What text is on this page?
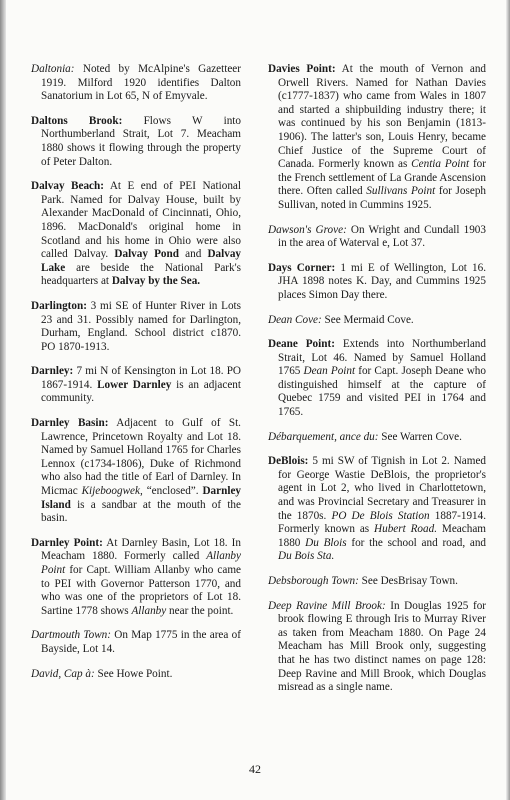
Daltonia: Noted by McAlpine's Gazetteer 1919. Milford 1920 identifies Dalton Sanatorium in Lot 65, N of Emyvale.

Daltons Brook: Flows W into Northumberland Strait, Lot 7. Meacham 1880 shows it flowing through the property of Peter Dalton.

Dalvay Beach: At E end of PEI National Park. Named for Dalvay House, built by Alexander MacDonald of Cincinnati, Ohio, 1896. MacDonald's original home in Scotland and his home in Ohio were also called Dalvay. Dalvay Pond and Dalvay Lake are beside the National Park's headquarters at Dalvay by the Sea.

Darlington: 3 mi SE of Hunter River in Lots 23 and 31. Possibly named for Darlington, Durham, England. School district c1870. PO 1870-1913.

Darnley: 7 mi N of Kensington in Lot 18. PO 1867-1914. Lower Darnley is an adjacent community.

Darnley Basin: Adjacent to Gulf of St. Lawrence, Princetown Royalty and Lot 18. Named by Samuel Holland 1765 for Charles Lennox (c1734-1806), Duke of Richmond who also had the title of Earl of Darnley. In Micmac Kijeboogwek, “enclosed”. Darnley Island is a sandbar at the mouth of the basin.

Darnley Point: At Darnley Basin, Lot 18. In Meacham 1880. Formerly called Allanby Point for Capt. William Allanby who came to PEI with Governor Patterson 1770, and who was one of the proprietors of Lot 18. Sartine 1778 shows Allanby near the point.

Dartmouth Town: On Map 1775 in the area of Bayside, Lot 14.

David, Cap à: See Howe Point.

Davies Point: At the mouth of Vernon and Orwell Rivers. Named for Nathan Davies (c1777-1837) who came from Wales in 1807 and started a shipbuilding industry there; it was continued by his son Benjamin (1813-1906). The latter's son, Louis Henry, became Chief Justice of the Supreme Court of Canada. Formerly known as Centia Point for the French settlement of La Grande Ascension there. Often called Sullivans Point for Joseph Sullivan, noted in Cummins 1925.

Dawson's Grove: On Wright and Cundall 1903 in the area of Waterval e, Lot 37.

Days Corner: 1 mi E of Wellington, Lot 16. JHA 1898 notes K. Day, and Cummins 1925 places Simon Day there.

Dean Cove: See Mermaid Cove.

Deane Point: Extends into Northumberland Strait, Lot 46. Named by Samuel Holland 1765 Dean Point for Capt. Joseph Deane who distinguished himself at the capture of Quebec 1759 and visited PEI in 1764 and 1765.

Débarquement, ance du: See Warren Cove.

DeBlois: 5 mi SW of Tignish in Lot 2. Named for George Wastie DeBlois, the proprietor's agent in Lot 2, who lived in Charlottetown, and was Provincial Secretary and Treasurer in the 1870s. PO De Blois Station 1887-1914. Formerly known as Hubert Road. Meacham 1880 Du Blois for the school and road, and Du Bois Sta.

Debsborough Town: See DesBrisay Town.

Deep Ravine Mill Brook: In Douglas 1925 for brook flowing E through Iris to Murray River as taken from Meacham 1880. On Page 24 Meacham has Mill Brook only, suggesting that he has two distinct names on page 128: Deep Ravine and Mill Brook, which Douglas misread as a single name.

42
